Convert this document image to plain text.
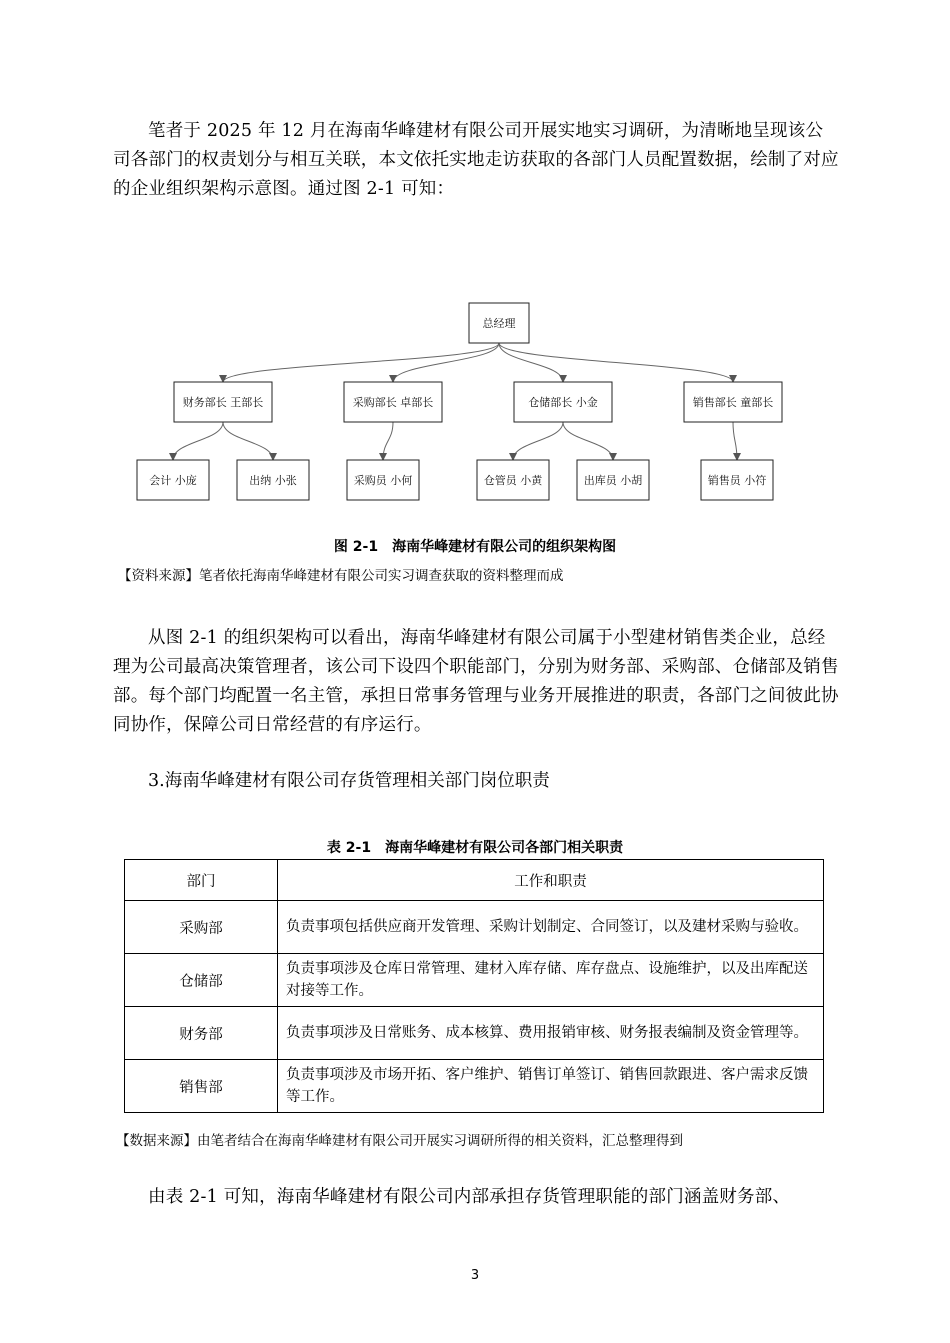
笔者于 2025 年 12 月在海南华峰建材有限公司开展实地实习调研，为清晰地呈现该公司各部门的权责划分与相互关联，本文依托实地走访获取的各部门人员配置数据，绘制了对应的企业组织架构示意图。通过图 2-1 可知：

总经理
财务部长 王部长
会计 小庞	出纳 小张
采购部长 卓部长
采购员 小何
仓储部长 小金
仓管员 小黄	出库员 小胡
销售部长 童部长
销售员 小符

图 2-1　海南华峰建材有限公司的组织架构图

【资料来源】笔者依托海南华峰建材有限公司实习调查获取的资料整理而成

从图 2-1 的组织架构可以看出，海南华峰建材有限公司属于小型建材销售类企业，总经理为公司最高决策管理者，该公司下设四个职能部门，分别为财务部、采购部、仓储部及销售部。每个部门均配置一名主管，承担日常事务管理与业务开展推进的职责，各部门之间彼此协同协作，保障公司日常经营的有序运行。

3.海南华峰建材有限公司存货管理相关部门岗位职责

表 2-1　海南华峰建材有限公司各部门相关职责

部门	工作和职责
采购部	负责事项包括供应商开发管理、采购计划制定、合同签订，以及建材采购与验收。
仓储部	负责事项涉及仓库日常管理、建材入库存储、库存盘点、设施维护，以及出库配送对接等工作。
财务部	负责事项涉及日常账务、成本核算、费用报销审核、财务报表编制及资金管理等。
销售部	负责事项涉及市场开拓、客户维护、销售订单签订、销售回款跟进、客户需求反馈等工作。

【数据来源】由笔者结合在海南华峰建材有限公司开展实习调研所得的相关资料，汇总整理得到

由表 2-1 可知，海南华峰建材有限公司内部承担存货管理职能的部门涵盖财务部、

3
